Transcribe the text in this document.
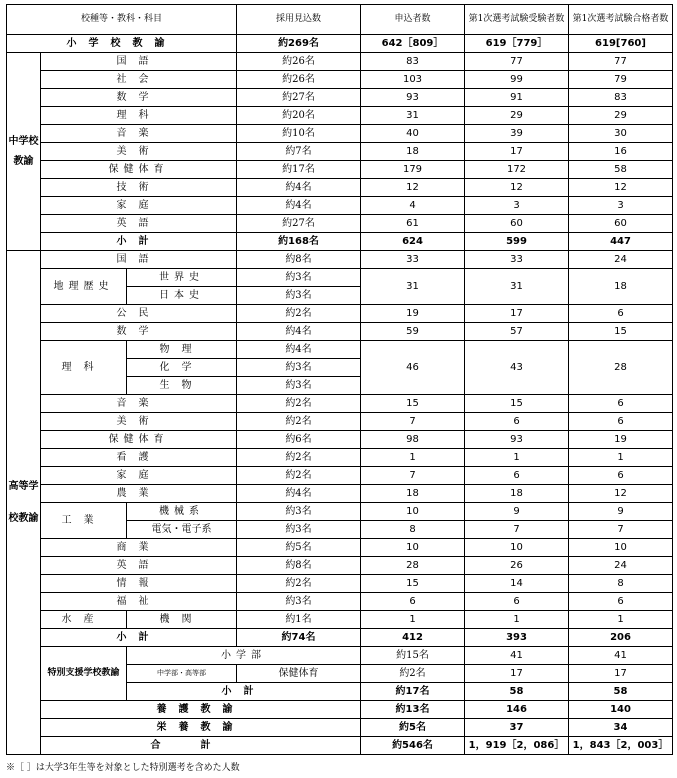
校種等・教科・科目			採用見込数	申込者数	第1次選考試験受験者数	第1次選考試験合格者数	
小学校教諭			約269名	642［809］	619［779］	619[760]	
中学校教諭	国語		約26名	83	77	77	
	社会		約26名	103	99	79	
	数学		約27名	93	91	83	
	理科		約20名	31	29	29	
	音楽		約10名	40	39	30	
	美術		約7名	18	17	16	
	保健体育		約17名	179	172	58	
	技術		約4名	12	12	12	
	家庭		約4名	4	3	3	
	英語		約27名	61	60	60	
	小計		約168名	624	599	447	
高等学校教諭	国語		約8名	33	33	24	
	地理歴史	世界史	約3名	31	31	18	
		日本史	約3名				
	公民		約2名	19	17	6	
	数学		約4名	59	57	15	
	理科	物理	約4名	46	43	28	
		化学	約3名				
		生物	約3名				
	音楽		約2名	15	15	6	
	美術		約2名	7	6	6	
	保健体育		約6名	98	93	19	
	看護		約2名	1	1	1	
	家庭		約2名	7	6	6	
	農業		約4名	18	18	12	
	工業	機械系	約3名	10	9	9	
		電気・電子系	約3名	8	7	7	
	商業		約5名	10	10	10	
	英語		約8名	28	26	24	
	情報		約2名	15	14	8	
	福祉		約3名	6	6	6	
	水産	機関	約1名	1	1	1	
	小計		約74名	412	393	206	
	特別支援学校教諭	小学部		約15名	41	41	
		中学部・高等部	保健体育	約2名	17	17	
		小計		約17名	58	58	
	養護教諭			約13名	146	140	
	栄養教諭			約5名	37	34	
	合計			約546名	1，919［2，086］	1，843［2，003］	
※［ ］は大学3年生等を対象とした特別選考を含めた人数
